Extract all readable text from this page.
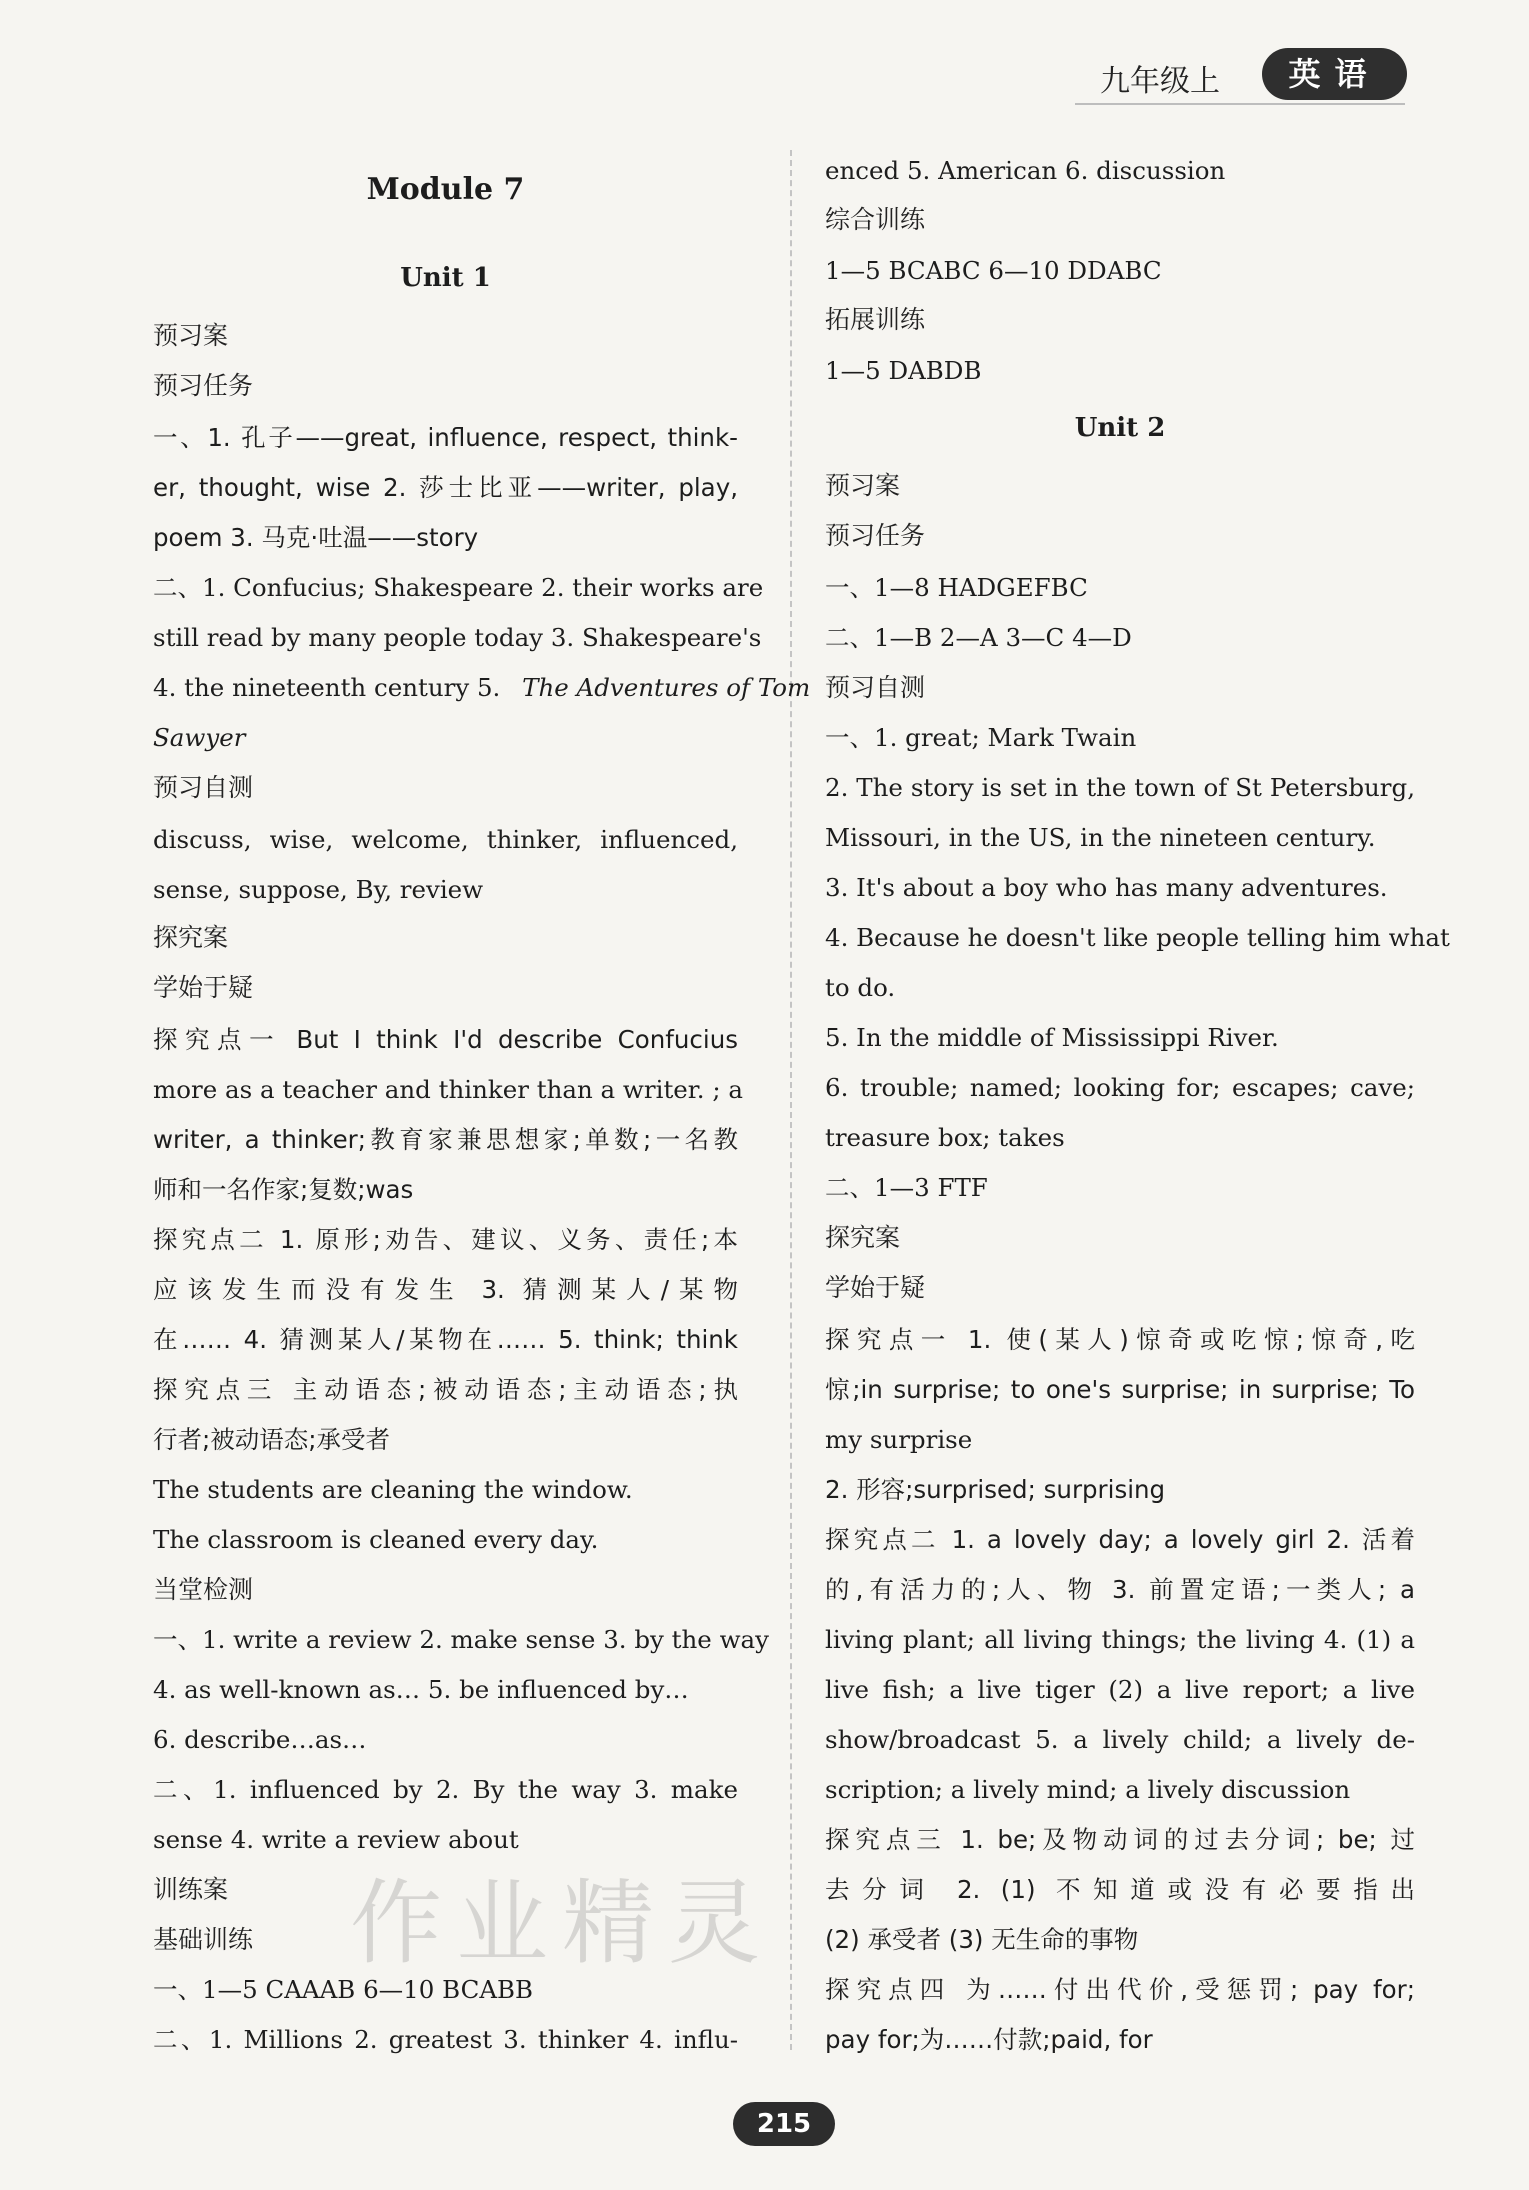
九年级上	英语
Module 7
Unit 1
预习案
预习任务
一、1. 孔子——great, influence, respect, think-
er, thought, wise 2. 莎士比亚——writer, play,
poem 3. 马克·吐温——story
二、1. Confucius; Shakespeare 2. their works are
still read by many people today 3. Shakespeare's
4. the nineteenth century 5. The Adventures of Tom
Sawyer
预习自测
discuss, wise, welcome, thinker, influenced,
sense, suppose, By, review
探究案
学始于疑
探究点一 But I think I'd describe Confucius
more as a teacher and thinker than a writer. ; a
writer, a thinker;教育家兼思想家;单数;一名教
师和一名作家;复数;was
探究点二 1. 原形;劝告、建议、义务、责任;本
应该发生而没有发生 3. 猜测某人/某物
在…… 4. 猜测某人/某物在…… 5. think; think
探究点三 主动语态;被动语态;主动语态;执
行者;被动语态;承受者
The students are cleaning the window.
The classroom is cleaned every day.
当堂检测
一、1. write a review 2. make sense 3. by the way
4. as well-known as… 5. be influenced by…
6. describe…as…
二、1. influenced by 2. By the way 3. make
sense 4. write a review about
训练案
基础训练
一、1—5 CAAAB 6—10 BCABB
二、1. Millions 2. greatest 3. thinker 4. influ-
enced 5. American 6. discussion
综合训练
1—5 BCABC 6—10 DDABC
拓展训练
1—5 DABDB
Unit 2
预习案
预习任务
一、1—8 HADGEFBC
二、1—B 2—A 3—C 4—D
预习自测
一、1. great; Mark Twain
2. The story is set in the town of St Petersburg,
Missouri, in the US, in the nineteen century.
3. It's about a boy who has many adventures.
4. Because he doesn't like people telling him what
to do.
5. In the middle of Mississippi River.
6. trouble; named; looking for; escapes; cave;
treasure box; takes
二、1—3 FTF
探究案
学始于疑
探究点一 1. 使(某人)惊奇或吃惊;惊奇,吃
惊;in surprise; to one's surprise; in surprise; To
my surprise
2. 形容;surprised; surprising
探究点二 1. a lovely day; a lovely girl 2. 活着
的,有活力的;人、物 3. 前置定语;一类人; a
living plant; all living things; the living 4. (1) a
live fish; a live tiger (2) a live report; a live
show/broadcast 5. a lively child; a lively de-
scription; a lively mind; a lively discussion
探究点三 1. be;及物动词的过去分词; be; 过
去分词 2. (1) 不知道或没有必要指出
(2) 承受者 (3) 无生命的事物
探究点四 为……付出代价,受惩罚; pay for;
pay for;为……付款;paid, for
作业精灵
215
